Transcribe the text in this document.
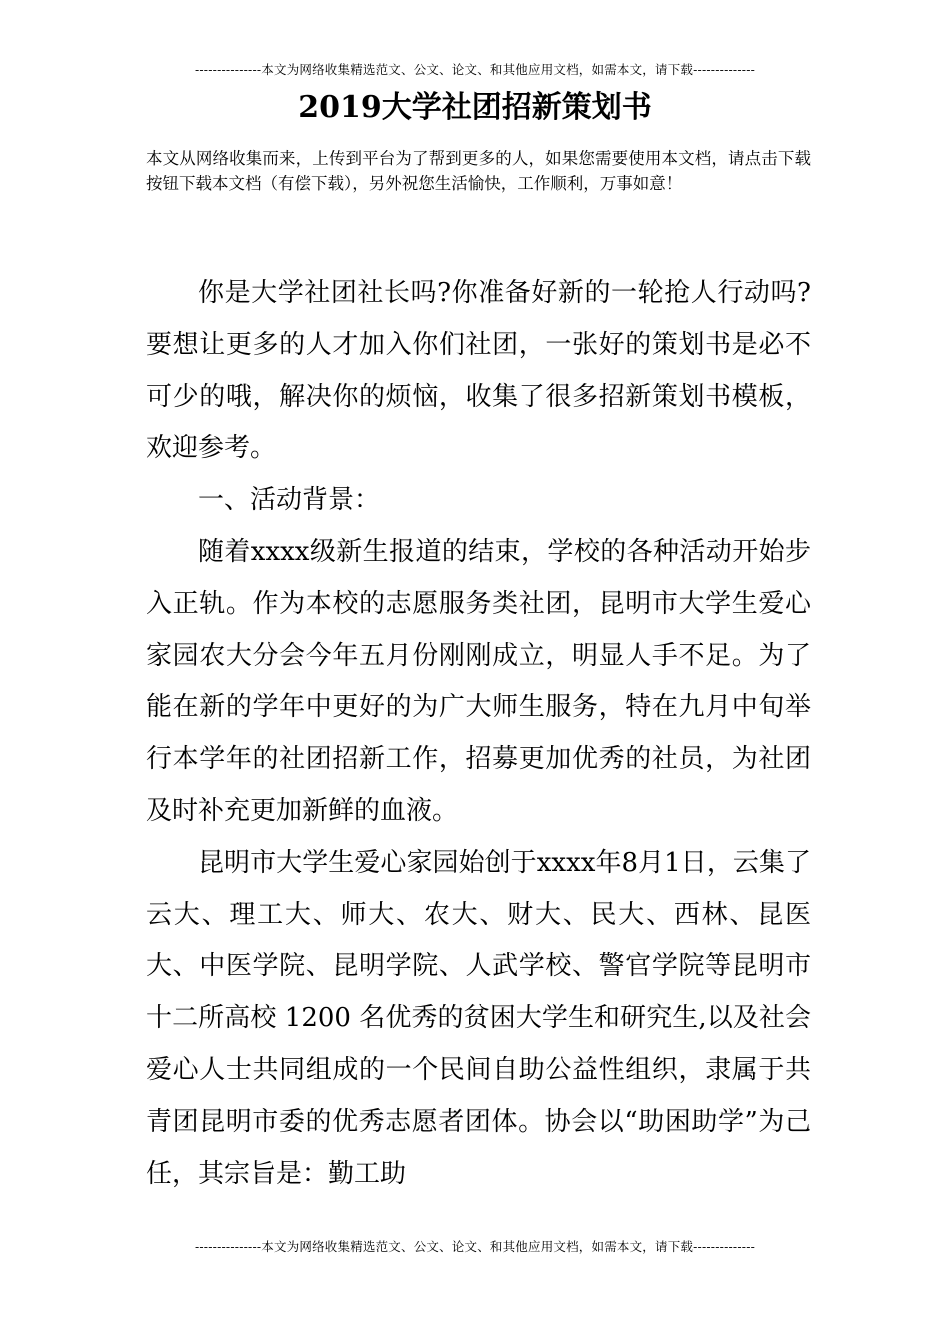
---------------本文为网络收集精选范文、公文、论文、和其他应用文档，如需本文，请下载--------------
2019大学社团招新策划书

本文从网络收集而来，上传到平台为了帮到更多的人，如果您需要使用本文档，请点击下载按钮下载本文档（有偿下载），另外祝您生活愉快，工作顺利，万事如意！

你是大学社团社长吗?你准备好新的一轮抢人行动吗?要想让更多的人才加入你们社团，一张好的策划书是必不可少的哦，解决你的烦恼，收集了很多招新策划书模板，欢迎参考。

一、活动背景：

随着xxxx级新生报道的结束，学校的各种活动开始步入正轨。作为本校的志愿服务类社团，昆明市大学生爱心家园农大分会今年五月份刚刚成立，明显人手不足。为了能在新的学年中更好的为广大师生服务，特在九月中旬举行本学年的社团招新工作，招募更加优秀的社员，为社团及时补充更加新鲜的血液。

昆明市大学生爱心家园始创于xxxx年8月1日，云集了云大、理工大、师大、农大、财大、民大、西林、昆医大、中医学院、昆明学院、人武学校、警官学院等昆明市十二所高校 1200 名优秀的贫困大学生和研究生,以及社会爱心人士共同组成的一个民间自助公益性组织，隶属于共青团昆明市委的优秀志愿者团体。协会以“助困助学”为己任，其宗旨是：勤工助

---------------本文为网络收集精选范文、公文、论文、和其他应用文档，如需本文，请下载--------------
